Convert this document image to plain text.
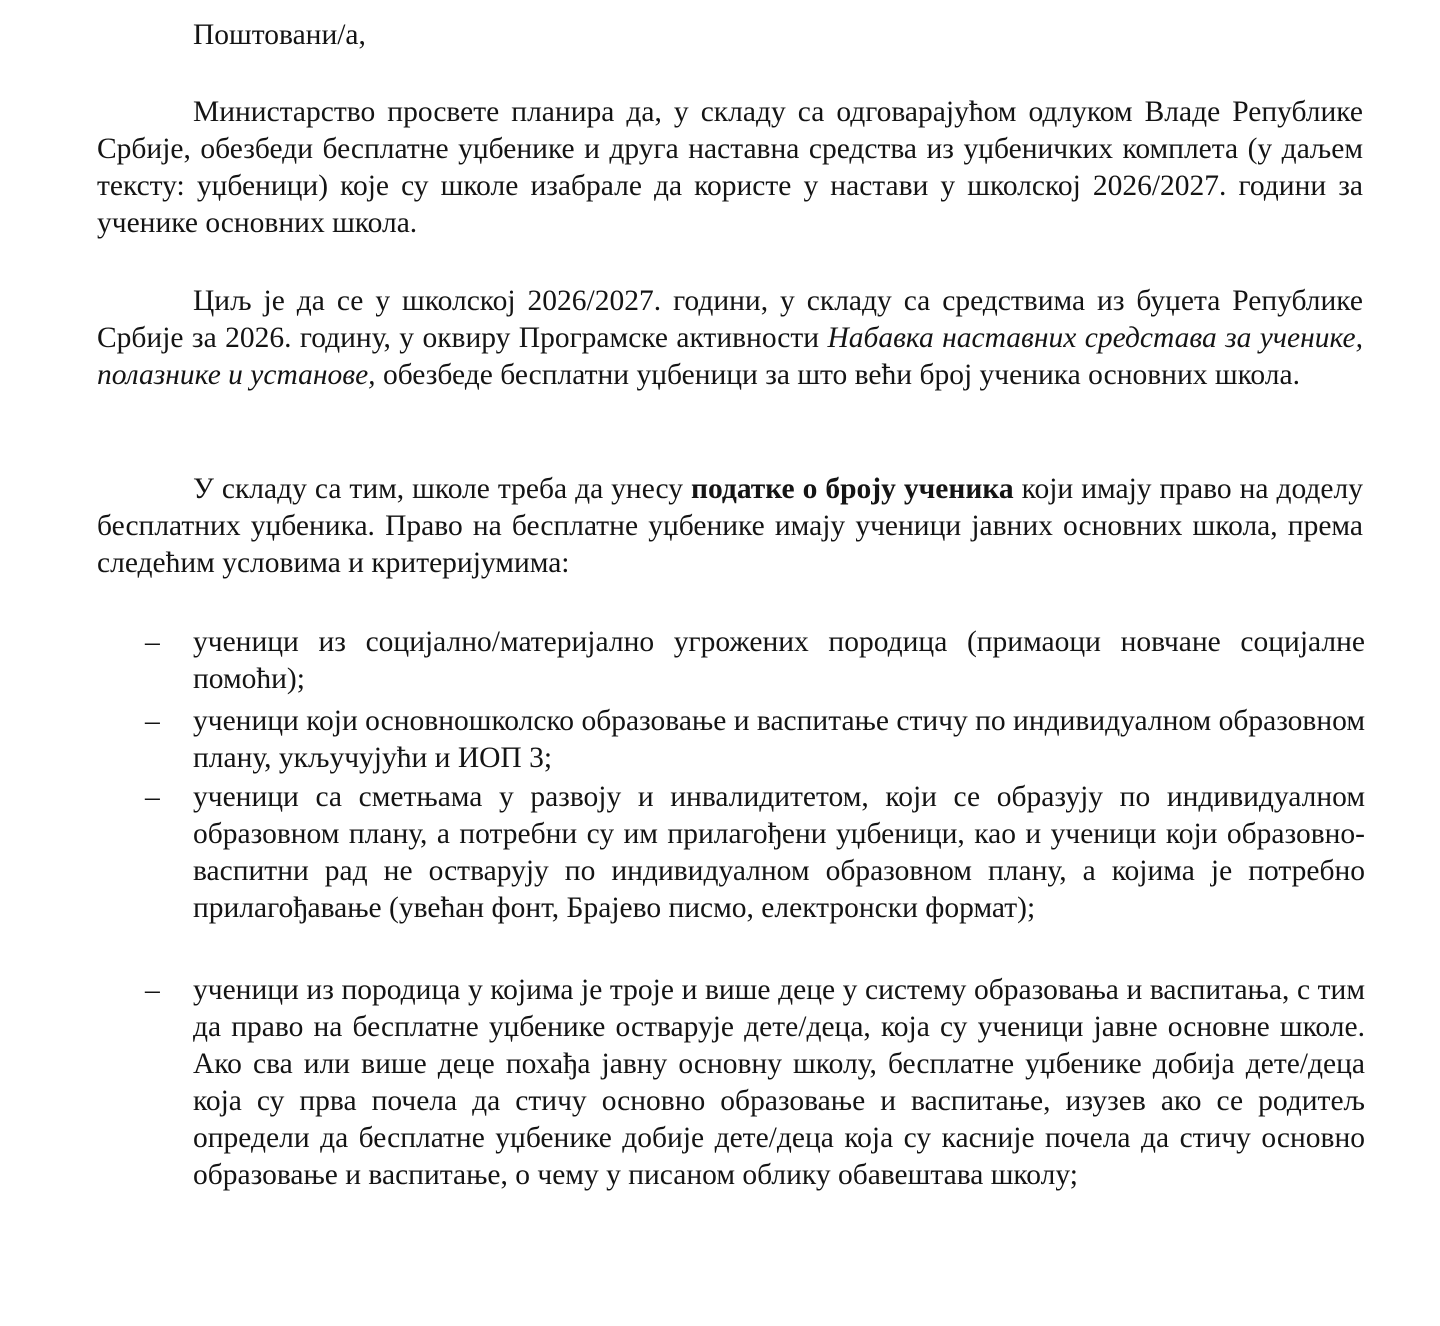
Поштовани/а,

Министарство просвете планира да, у складу са одговарајућом одлуком Владе Републике Србије, обезбеди бесплатне уџбенике и друга наставна средства из уџбеничких комплета (у даљем тексту: уџбеници) које су школе изабрале да користе у настави у школској 2026/2027. години за ученике основних школа.

Циљ је да се у школској 2026/2027. години, у складу са средствима из буџета Републике Србије за 2026. годину, у оквиру Програмске активности Набавка наставних средстава за ученике, полазнике и установе, обезбеде бесплатни уџбеници за што већи број ученика основних школа.

У складу са тим, школе треба да унесу податке о броју ученика који имају право на доделу бесплатних уџбеника. Право на бесплатне уџбенике имају ученици јавних основних школа, према следећим условима и критеријумима:

– ученици из социјално/материјално угрожених породица (примаоци новчане социјалне помоћи);

– ученици који основношколско образовање и васпитање стичу по индивидуалном образовном плану, укључујући и ИОП 3;

– ученици са сметњама у развоју и инвалидитетом, који се образују по индивидуалном образовном плану, а потребни су им прилагођени уџбеници, као и ученици који образовно-васпитни рад не остварују по индивидуалном образовном плану, а којима је потребно прилагођавање (увећан фонт, Брајево писмо, електронски формат);

– ученици из породица у којима је троје и више деце у систему образовања и васпитања, с тим да право на бесплатне уџбенике остварује дете/деца, која су ученици јавне основне школе. Ако сва или више деце похађа јавну основну школу, бесплатне уџбенике добија дете/деца која су прва почела да стичу основно образовање и васпитање, изузев ако се родитељ определи да бесплатне уџбенике добије дете/деца која су касније почела да стичу основно образовање и васпитање, о чему у писаном облику обавештава школу;
